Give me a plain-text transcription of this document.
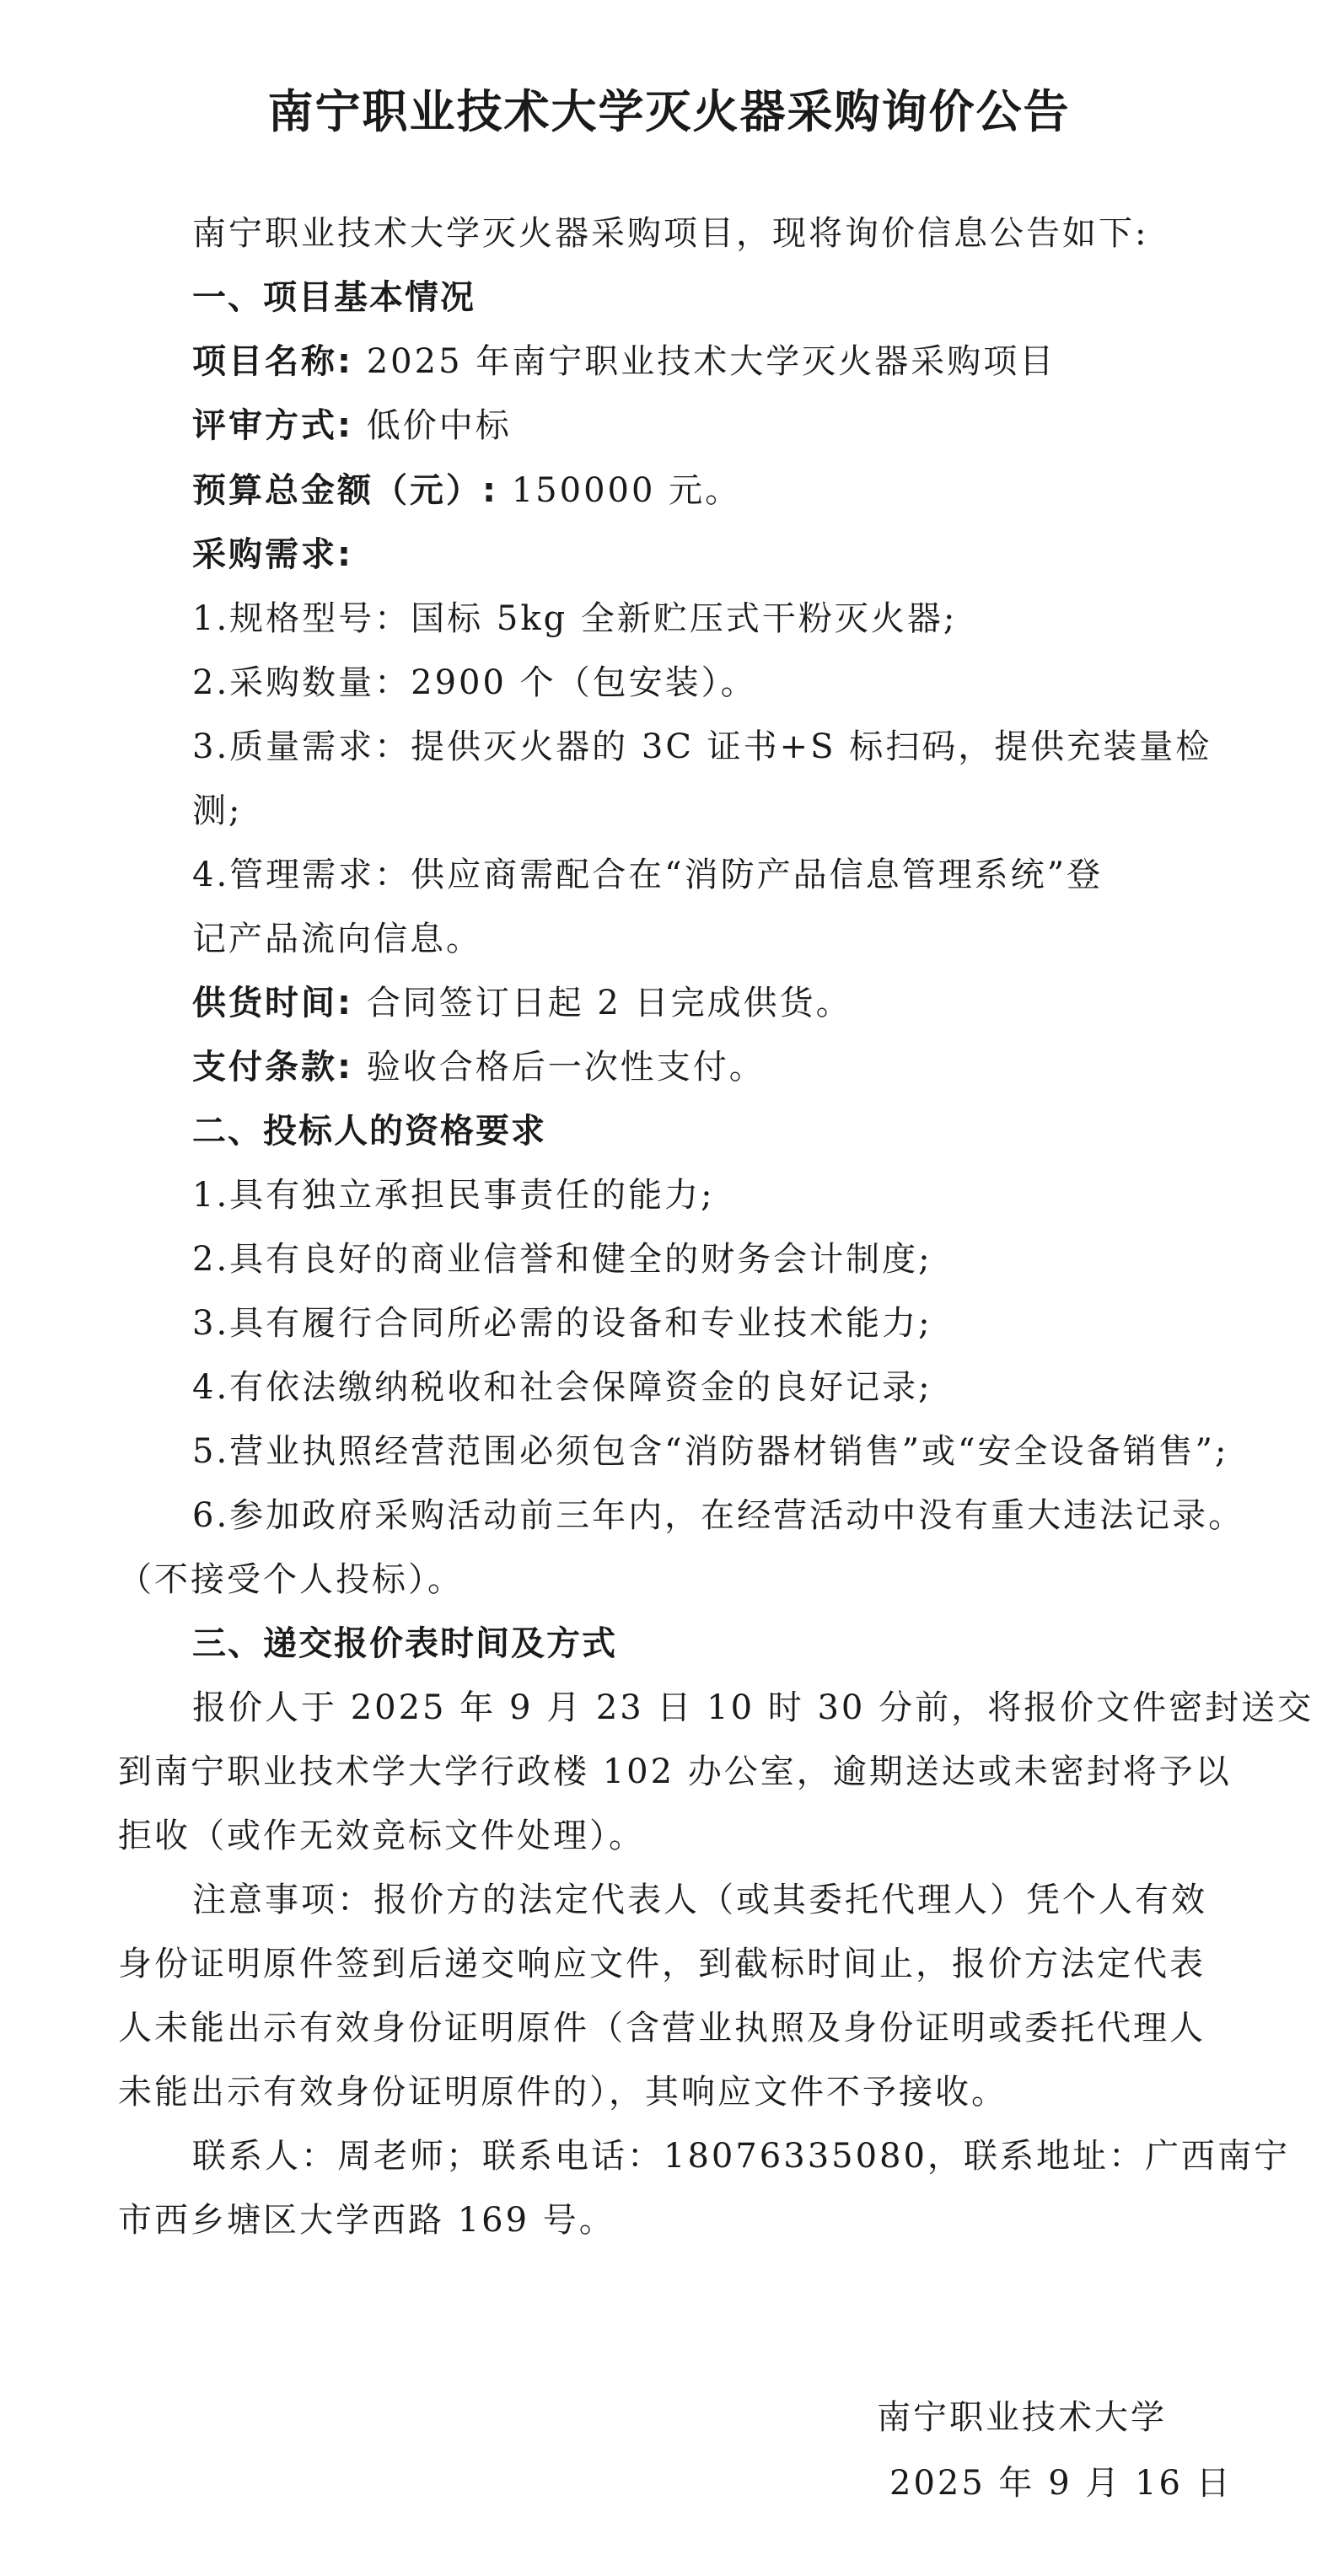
南宁职业技术大学灭火器采购询价公告
南宁职业技术大学灭火器采购项目，现将询价信息公告如下:
一、项目基本情况
项目名称: 2025 年南宁职业技术大学灭火器采购项目
评审方式: 低价中标
预算总金额（元）: 150000 元。
采购需求:
1.规格型号：国标 5kg 全新贮压式干粉灭火器;
2.采购数量：2900 个（包安装）。
3.质量需求：提供灭火器的 3C 证书+S 标扫码，提供充装量检
测;
4.管理需求：供应商需配合在“消防产品信息管理系统”登
记产品流向信息。
供货时间: 合同签订日起 2 日完成供货。
支付条款: 验收合格后一次性支付。
二、投标人的资格要求
1.具有独立承担民事责任的能力;
2.具有良好的商业信誉和健全的财务会计制度;
3.具有履行合同所必需的设备和专业技术能力;
4.有依法缴纳税收和社会保障资金的良好记录;
5.营业执照经营范围必须包含“消防器材销售”或“安全设备销售”;
6.参加政府采购活动前三年内，在经营活动中没有重大违法记录。
（不接受个人投标）。
三、递交报价表时间及方式
报价人于 2025 年 9 月 23 日 10 时 30 分前，将报价文件密封送交
到南宁职业技术学大学行政楼 102 办公室，逾期送达或未密封将予以
拒收（或作无效竞标文件处理）。
注意事项：报价方的法定代表人（或其委托代理人）凭个人有效
身份证明原件签到后递交响应文件，到截标时间止，报价方法定代表
人未能出示有效身份证明原件（含营业执照及身份证明或委托代理人
未能出示有效身份证明原件的），其响应文件不予接收。
联系人：周老师；联系电话：18076335080，联系地址：广西南宁
市西乡塘区大学西路 169 号。
南宁职业技术大学
2025 年 9 月 16 日
